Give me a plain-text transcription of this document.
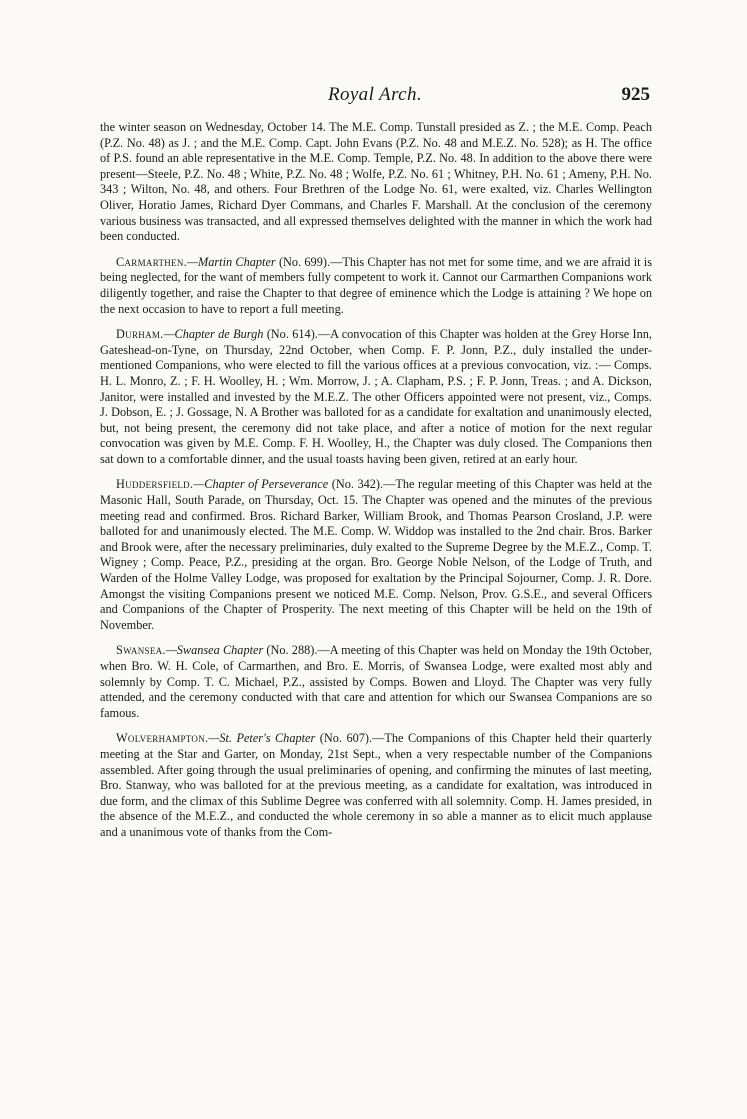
Royal Arch.	925

the winter season on Wednesday, October 14. The M.E. Comp. Tunstall presided as Z. ; the M.E. Comp. Peach (P.Z. No. 48) as J. ; and the M.E. Comp. Capt. John Evans (P.Z. No. 48 and M.E.Z. No. 528); as H. The office of P.S. found an able representative in the M.E. Comp. Temple, P.Z. No. 48. In addition to the above there were present—Steele, P.Z. No. 48 ; White, P.Z. No. 48 ; Wolfe, P.Z. No. 61 ; Whitney, P.H. No. 61 ; Ameny, P.H. No. 343 ; Wilton, No. 48, and others. Four Brethren of the Lodge No. 61, were exalted, viz. Charles Wellington Oliver, Horatio James, Richard Dyer Commans, and Charles F. Marshall. At the conclusion of the ceremony various business was transacted, and all expressed themselves delighted with the manner in which the work had been conducted.

Carmarthen.—Martin Chapter (No. 699).—This Chapter has not met for some time, and we are afraid it is being neglected, for the want of members fully competent to work it. Cannot our Carmarthen Companions work diligently together, and raise the Chapter to that degree of eminence which the Lodge is attaining ? We hope on the next occasion to have to report a full meeting.

Durham.—Chapter de Burgh (No. 614).—A convocation of this Chapter was holden at the Grey Horse Inn, Gateshead-on-Tyne, on Thursday, 22nd October, when Comp. F. P. Jonn, P.Z., duly installed the under-mentioned Companions, who were elected to fill the various offices at a previous convocation, viz. :— Comps. H. L. Monro, Z. ; F. H. Woolley, H. ; Wm. Morrow, J. ; A. Clapham, P.S. ; F. P. Jonn, Treas. ; and A. Dickson, Janitor, were installed and invested by the M.E.Z. The other Officers appointed were not present, viz., Comps. J. Dobson, E. ; J. Gossage, N. A Brother was balloted for as a candidate for exaltation and unanimously elected, but, not being present, the ceremony did not take place, and after a notice of motion for the next regular convocation was given by M.E. Comp. F. H. Woolley, H., the Chapter was duly closed. The Companions then sat down to a comfortable dinner, and the usual toasts having been given, retired at an early hour.

Huddersfield.—Chapter of Perseverance (No. 342).—The regular meeting of this Chapter was held at the Masonic Hall, South Parade, on Thursday, Oct. 15. The Chapter was opened and the minutes of the previous meeting read and confirmed. Bros. Richard Barker, William Brook, and Thomas Pearson Crosland, J.P. were balloted for and unanimously elected. The M.E. Comp. W. Widdop was installed to the 2nd chair. Bros. Barker and Brook were, after the necessary preliminaries, duly exalted to the Supreme Degree by the M.E.Z., Comp. T. Wigney ; Comp. Peace, P.Z., presiding at the organ. Bro. George Noble Nelson, of the Lodge of Truth, and Warden of the Holme Valley Lodge, was proposed for exaltation by the Principal Sojourner, Comp. J. R. Dore. Amongst the visiting Companions present we noticed M.E. Comp. Nelson, Prov. G.S.E., and several Officers and Companions of the Chapter of Prosperity. The next meeting of this Chapter will be held on the 19th of November.

Swansea.—Swansea Chapter (No. 288).—A meeting of this Chapter was held on Monday the 19th October, when Bro. W. H. Cole, of Carmarthen, and Bro. E. Morris, of Swansea Lodge, were exalted most ably and solemnly by Comp. T. C. Michael, P.Z., assisted by Comps. Bowen and Lloyd. The Chapter was very fully attended, and the ceremony conducted with that care and attention for which our Swansea Companions are so famous.

Wolverhampton.—St. Peter's Chapter (No. 607).—The Companions of this Chapter held their quarterly meeting at the Star and Garter, on Monday, 21st Sept., when a very respectable number of the Companions assembled. After going through the usual preliminaries of opening, and confirming the minutes of last meeting, Bro. Stanway, who was balloted for at the previous meeting, as a candidate for exaltation, was introduced in due form, and the climax of this Sublime Degree was conferred with all solemnity. Comp. H. James presided, in the absence of the M.E.Z., and conducted the whole ceremony in so able a manner as to elicit much applause and a unanimous vote of thanks from the Com-
